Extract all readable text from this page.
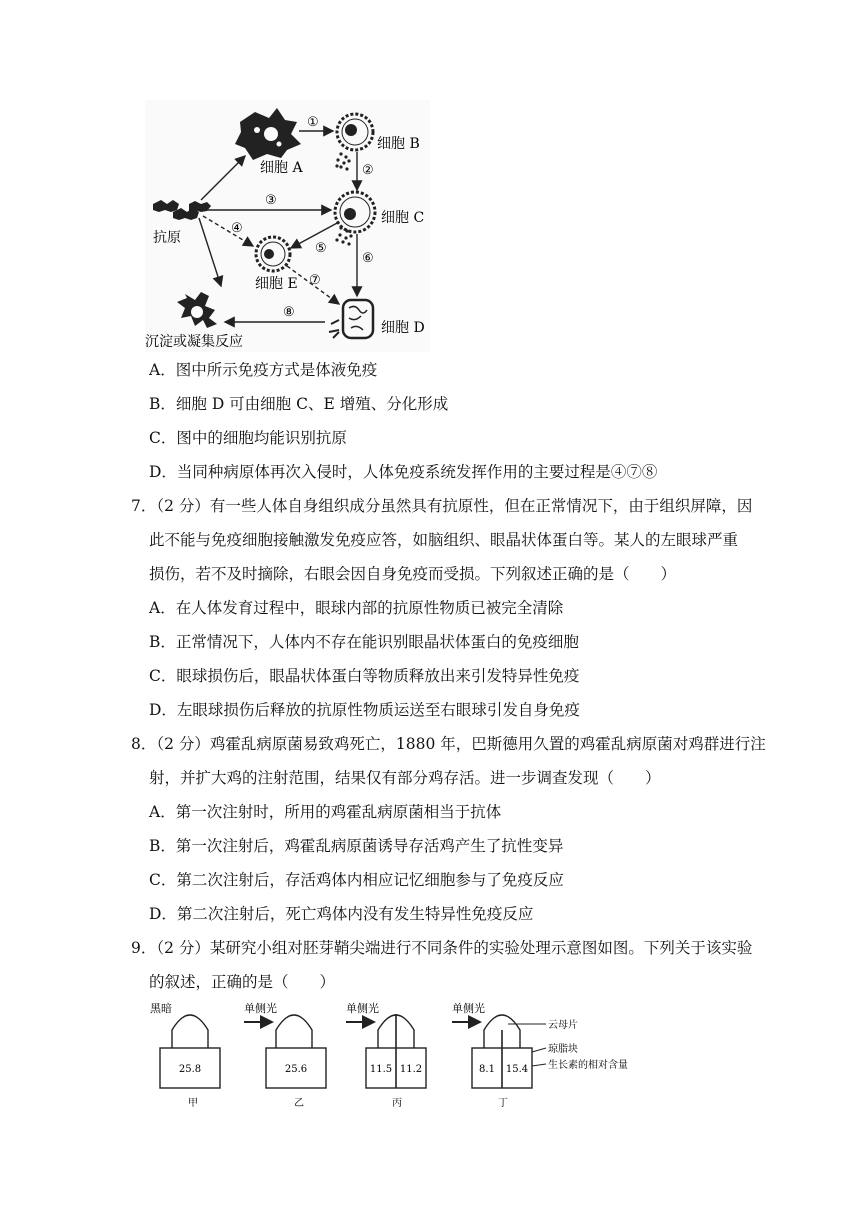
细胞 A
细胞 B
细胞 C
抗原
细胞 E
细胞 D
沉淀或凝集反应
①
②
③
④
⑤
⑥
⑦
⑧
A．图中所示免疫方式是体液免疫
B．细胞 D 可由细胞 C、E 增殖、分化形成
C．图中的细胞均能识别抗原
D．当同种病原体再次入侵时，人体免疫系统发挥作用的主要过程是④⑦⑧
7．（2 分）有一些人体自身组织成分虽然具有抗原性，但在正常情况下，由于组织屏障，因
此不能与免疫细胞接触激发免疫应答，如脑组织、眼晶状体蛋白等。某人的左眼球严重
损伤，若不及时摘除，右眼会因自身免疫而受损。下列叙述正确的是（　　）
A．在人体发育过程中，眼球内部的抗原性物质已被完全清除
B．正常情况下，人体内不存在能识别眼晶状体蛋白的免疫细胞
C．眼球损伤后，眼晶状体蛋白等物质释放出来引发特异性免疫
D．左眼球损伤后释放的抗原性物质运送至右眼球引发自身免疫
8．（2 分）鸡霍乱病原菌易致鸡死亡，1880 年，巴斯德用久置的鸡霍乱病原菌对鸡群进行注
射，并扩大鸡的注射范围，结果仅有部分鸡存活。进一步调查发现（　　）
A．第一次注射时，所用的鸡霍乱病原菌相当于抗体
B．第一次注射后，鸡霍乱病原菌诱导存活鸡产生了抗性变异
C．第二次注射后，存活鸡体内相应记忆细胞参与了免疫反应
D．第二次注射后，死亡鸡体内没有发生特异性免疫反应
9．（2 分）某研究小组对胚芽鞘尖端进行不同条件的实验处理示意图如图。下列关于该实验
的叙述，正确的是（　　）
黑暗
25.8
甲
单侧光
25.6
乙
单侧光
11.5 11.2
丙
单侧光
8.1 15.4
丁
云母片
琼脂块
生长素的相对含量
